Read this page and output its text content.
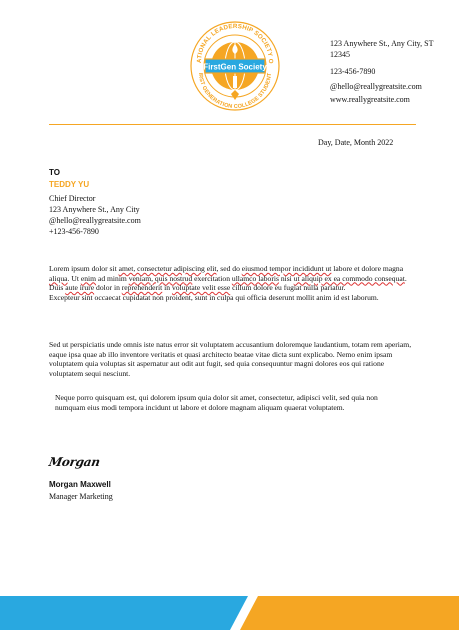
ATIONAL LEADERSHIP SOCIETY O
IRST GENERATION COLLEGE STUDENT
FirstGen Society
123 Anywhere St., Any City, ST
12345
123-456-7890
@hello@reallygreatsite.com
www.reallygreatsite.com
Day, Date, Month 2022
TO
TEDDY YU
Chief Director
123 Anywhere St., Any City
@hello@reallygreatsite.com
+123-456-7890
Lorem ipsum dolor sit amet, consectetur adipiscing elit, sed do eiusmod tempor incididunt ut labore et dolore magna aliqua. Ut enim ad minim veniam, quis nostrud exercitation ullamco laboris nisi ut aliquip ex ea commodo consequat. Duis aute irure dolor in reprehenderit in voluptate velit esse cillum dolore eu fugiat nulla pariatur.
Excepteur sint occaecat cupidatat non proident, sunt in culpa qui officia deserunt mollit anim id est laborum.
Sed ut perspiciatis unde omnis iste natus error sit voluptatem accusantium doloremque laudantium, totam rem aperiam, eaque ipsa quae ab illo inventore veritatis et quasi architecto beatae vitae dicta sunt explicabo. Nemo enim ipsam voluptatem quia voluptas sit aspernatur aut odit aut fugit, sed quia consequuntur magni dolores eos qui ratione voluptatem sequi nesciunt.
Neque porro quisquam est, qui dolorem ipsum quia dolor sit amet, consectetur, adipisci velit, sed quia non numquam eius modi tempora incidunt ut labore et dolore magnam aliquam quaerat voluptatem.
Morgan
Morgan Maxwell
Manager Marketing
